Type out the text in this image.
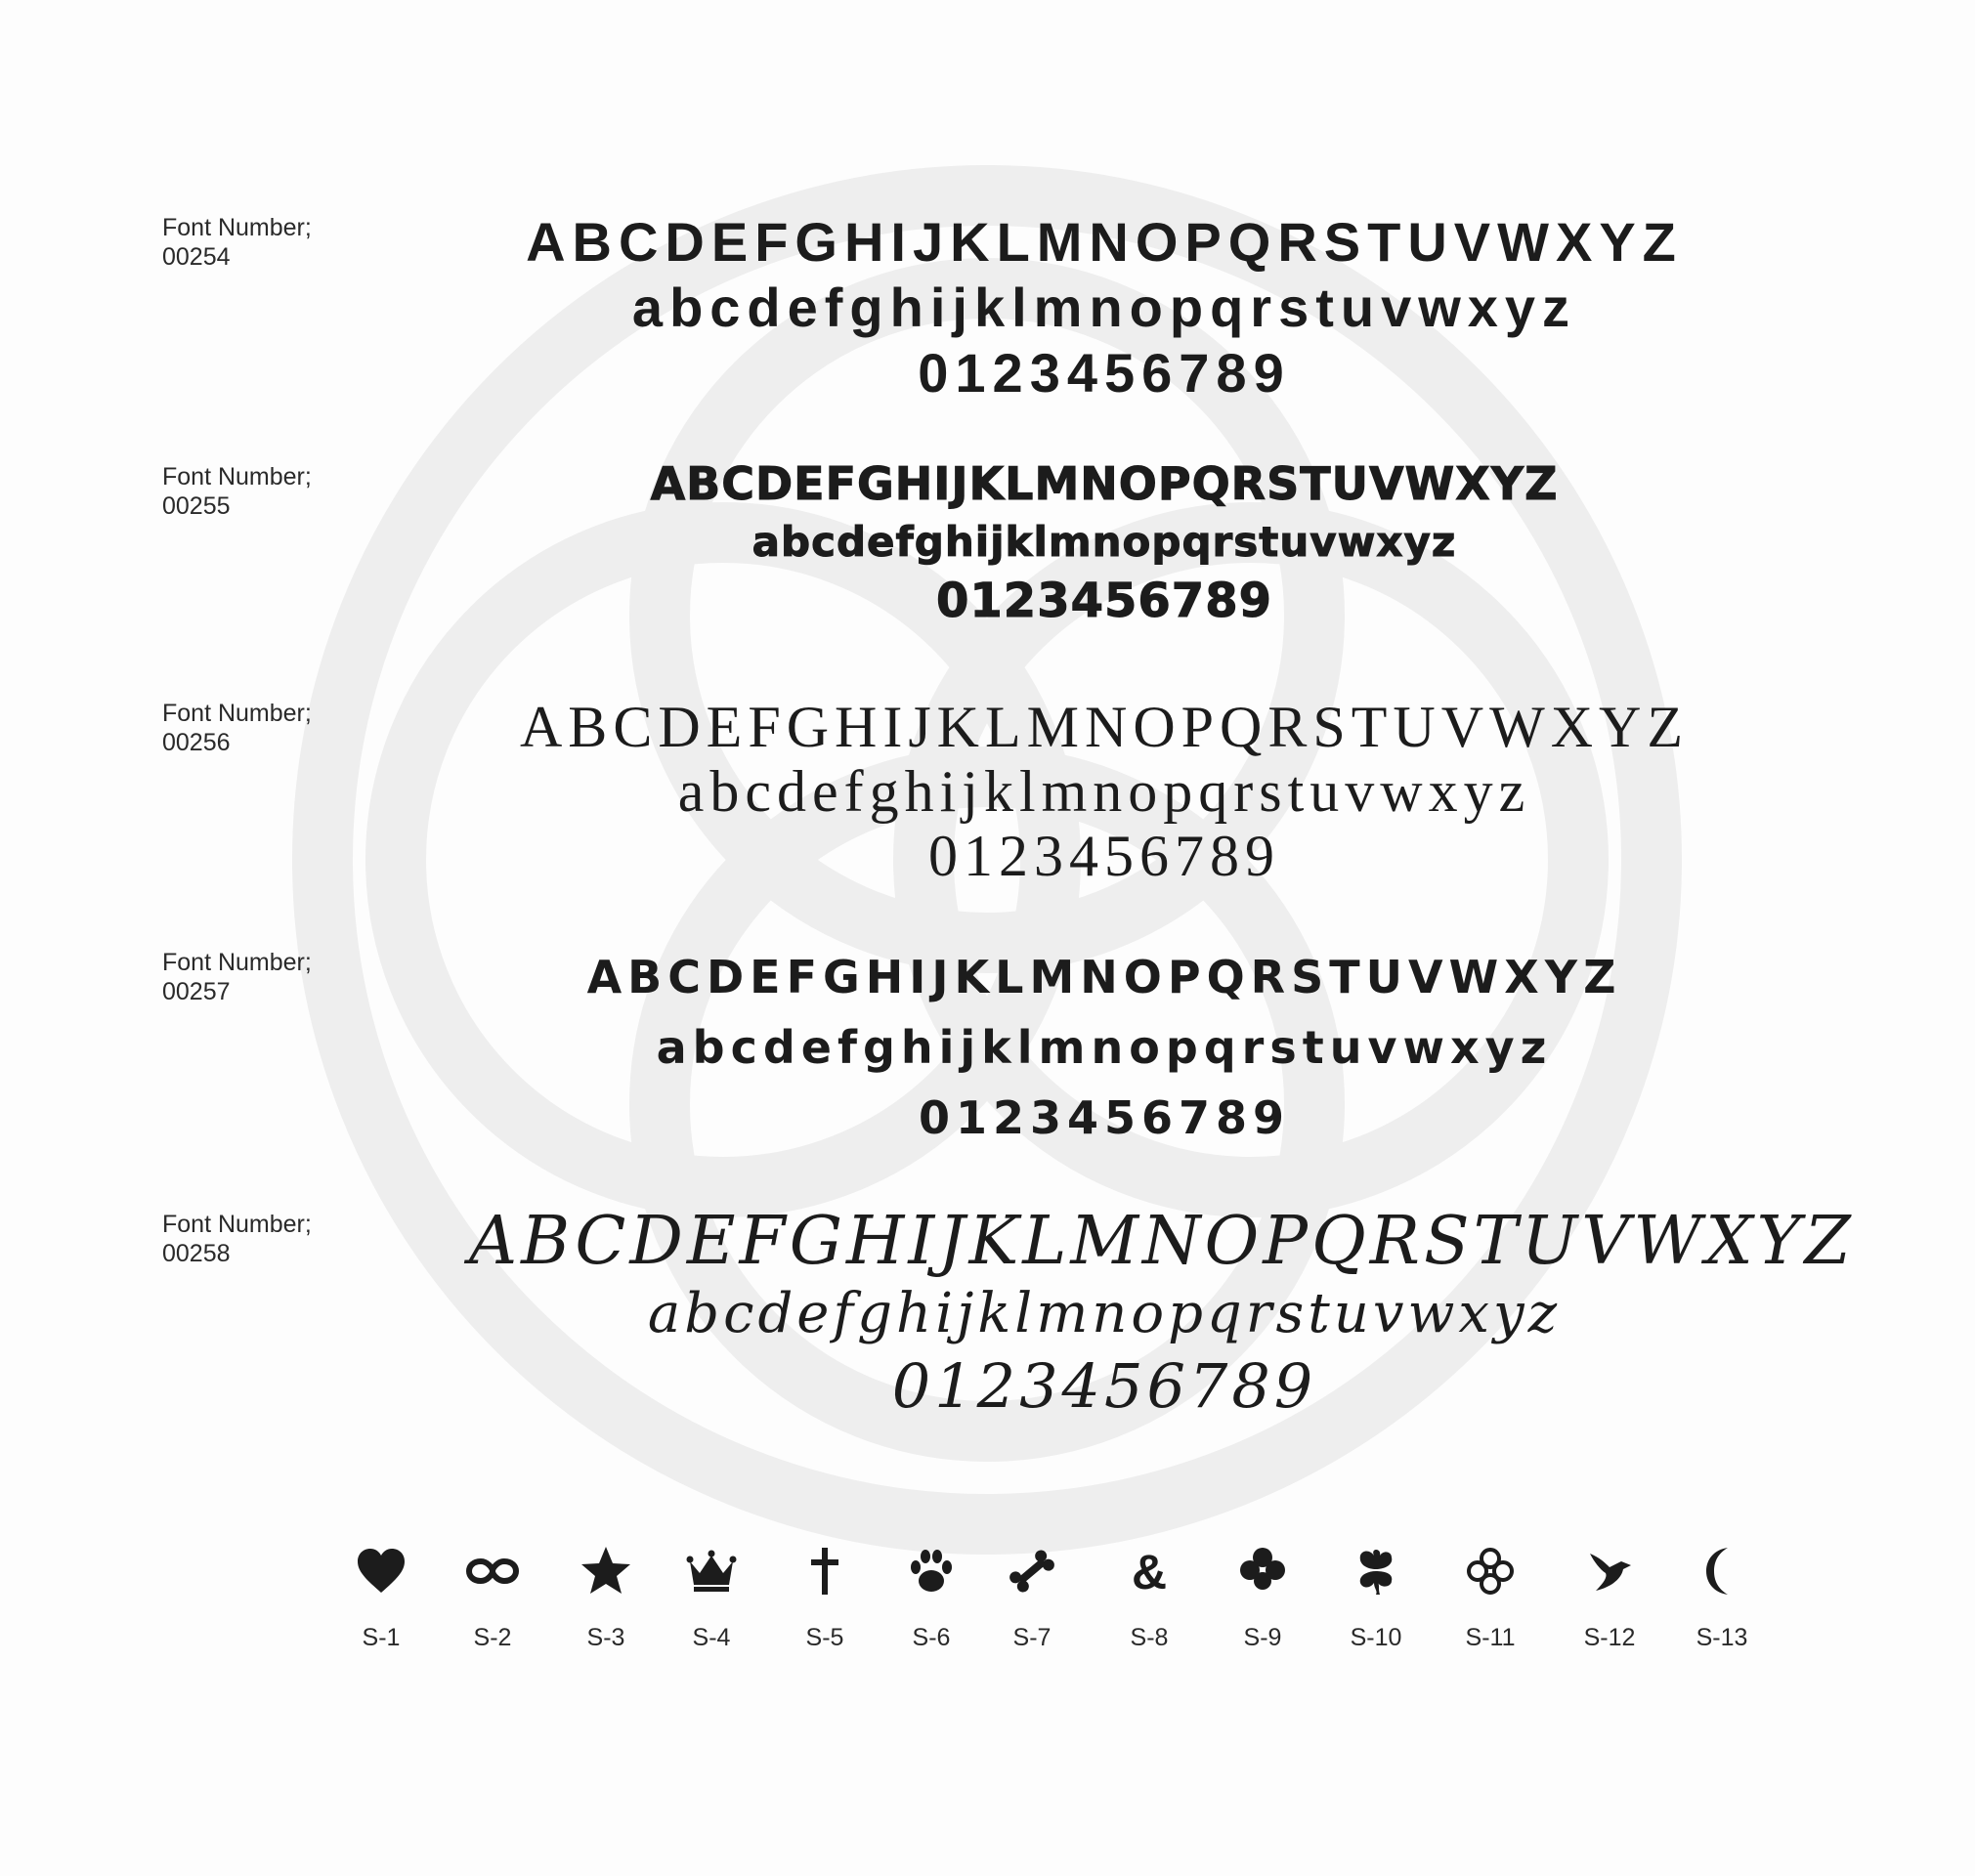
Font Number;
00254	ABCDEFGHIJKLMNOPQRSTUVWXYZ
abcdefghijklmnopqrstuvwxyz
0123456789
Font Number;
00255	ABCDEFGHIJKLMNOPQRSTUVWXYZ
abcdefghijklmnopqrstuvwxyz
0123456789
Font Number;
00256	ABCDEFGHIJKLMNOPQRSTUVWXYZ
abcdefghijklmnopqrstuvwxyz
0123456789
Font Number;
00257	ABCDEFGHIJKLMNOPQRSTUVWXYZ
abcdefghijklmnopqrstuvwxyz
0123456789
Font Number;
00258	ABCDEFGHIJKLMNOPQRSTUVWXYZ
abcdefghijklmnopqrstuvwxyz
0123456789
S-1	S-2	S-3	S-4	S-5	S-6	S-7
&
S-8	S-9	S-10	S-11	S-12	S-13
